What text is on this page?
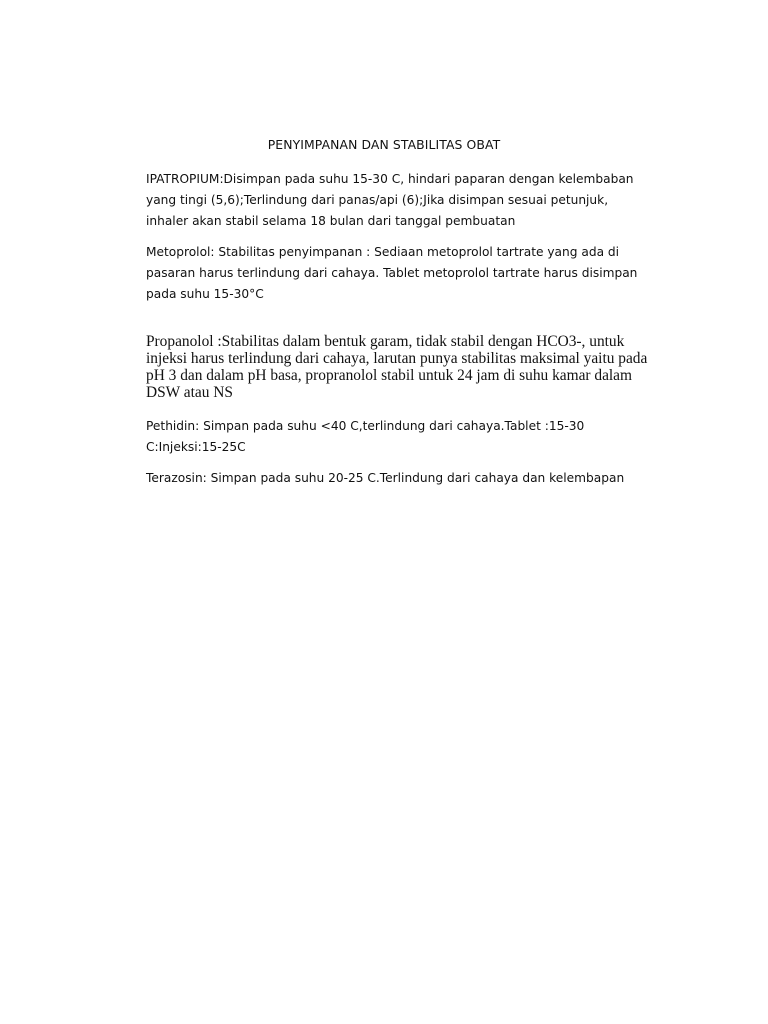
PENYIMPANAN DAN STABILITAS OBAT

IPATROPIUM:Disimpan pada suhu 15-30 C, hindari paparan dengan kelembaban
yang tingi (5,6);Terlindung dari panas/api (6);Jika disimpan sesuai petunjuk,
inhaler akan stabil selama 18 bulan dari tanggal pembuatan

Metoprolol: Stabilitas penyimpanan : Sediaan metoprolol tartrate yang ada di
pasaran harus terlindung dari cahaya. Tablet metoprolol tartrate harus disimpan
pada suhu 15-30°C

Propanolol :Stabilitas dalam bentuk garam, tidak stabil dengan HCO3-, untuk
injeksi harus terlindung dari cahaya, larutan punya stabilitas maksimal yaitu pada
pH 3 dan dalam pH basa, propranolol stabil untuk 24 jam di suhu kamar dalam
DSW atau NS

Pethidin: Simpan pada suhu <40 C,terlindung dari cahaya.Tablet :15-30
C:Injeksi:15-25C

Terazosin: Simpan pada suhu 20-25 C.Terlindung dari cahaya dan kelembapan
